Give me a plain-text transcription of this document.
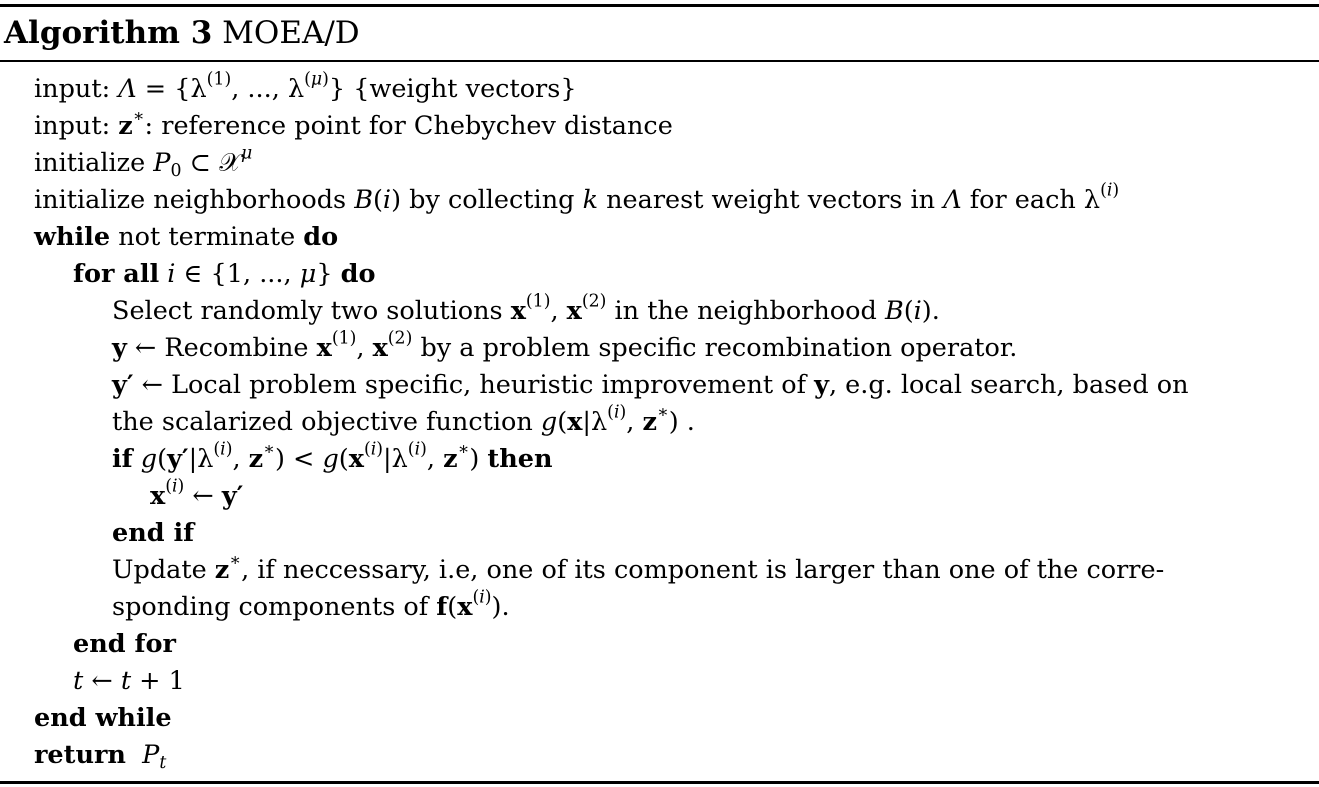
Algorithm 3 MOEA/D
input: $\Lambda = \{\lambda^{(1)}$, ..., $\lambda^{(\mu)}$} {weight vectors}
input: z∗: reference point for Chebychev distance
initialize $P_0$ ⊂ 𝒳$^\mu$
initialize neighborhoods B(i) by collecting k nearest weight vectors in Λ for each $\lambda^{(i)}$
while not terminate do
for all i ∈ {1, ..., μ} do
Select randomly two solutions $x^{(1)}$, $x^{(2)}$ in the neighborhood B(i).
y ← Recombine $x^{(1)}$, $x^{(2)}$ by a problem specific recombination operator.
y′ ← Local problem specific, heuristic improvement of y, e.g. local search, based on
the scalarized objective function $g(x|\lambda^{(i)}$, z∗) .
if $g(y'|\lambda^{(i)}$, $z^∗) < g(x^{(i)}|\lambda^{(i)}$, z∗) then
$x^{(i)}$ ← y′
end if
Update z∗, if neccessary, i.e, one of its component is larger than one of the corre-
sponding components of $f(x^{(i)})$.
end for
t ← t + 1
end while
return $P_t$
